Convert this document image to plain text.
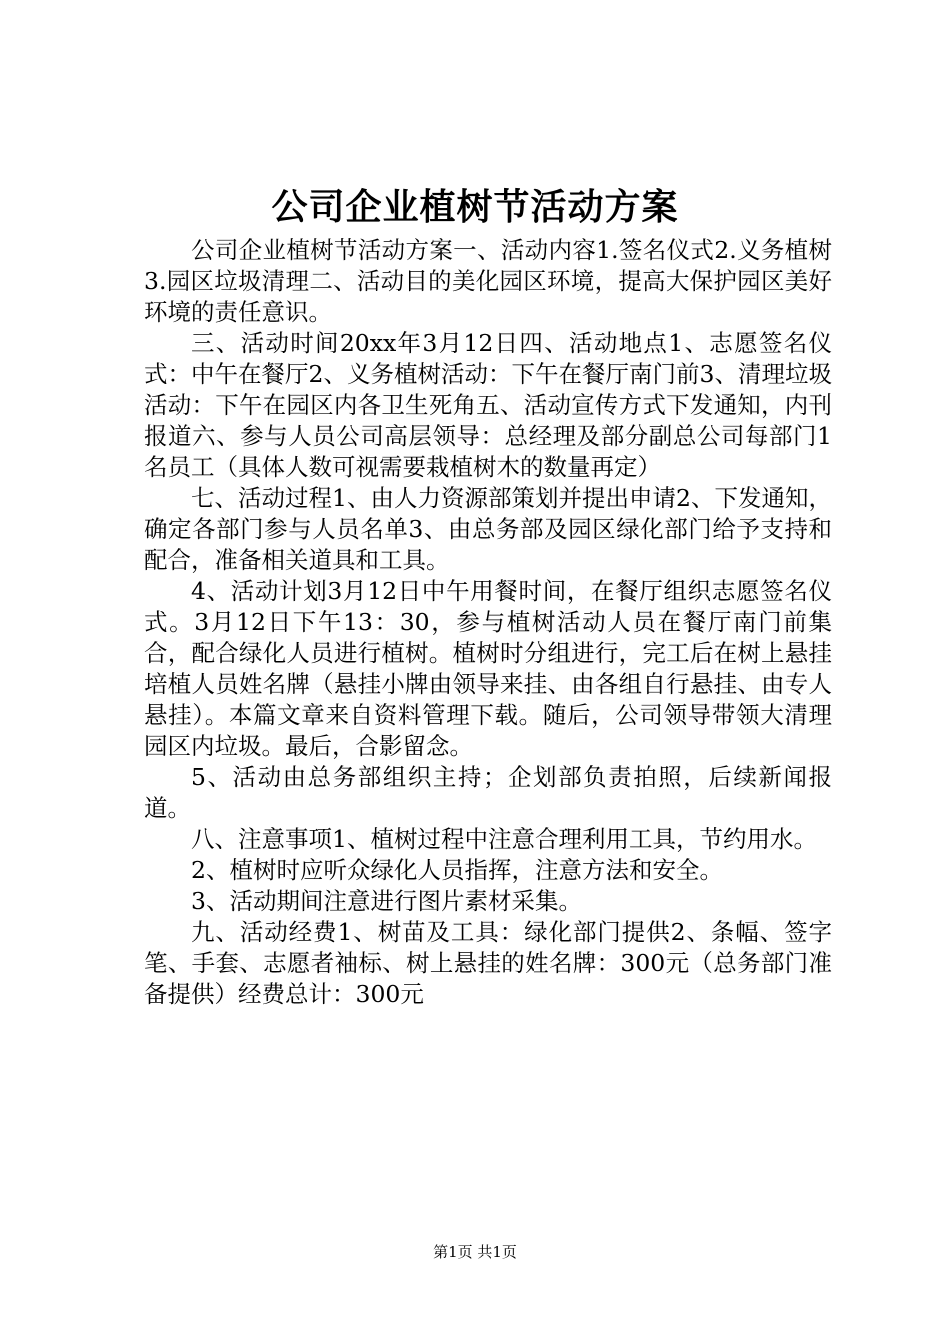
公司企业植树节活动方案

公司企业植树节活动方案一、活动内容1.签名仪式2.义务植树3.园区垃圾清理二、活动目的美化园区环境，提高大保护园区美好环境的责任意识。

三、活动时间20xx年3月12日四、活动地点1、志愿签名仪式：中午在餐厅2、义务植树活动：下午在餐厅南门前3、清理垃圾活动：下午在园区内各卫生死角五、活动宣传方式下发通知，内刊报道六、参与人员公司高层领导：总经理及部分副总公司每部门1名员工（具体人数可视需要栽植树木的数量再定）

七、活动过程1、由人力资源部策划并提出申请2、下发通知，确定各部门参与人员名单3、由总务部及园区绿化部门给予支持和配合，准备相关道具和工具。

4、活动计划3月12日中午用餐时间，在餐厅组织志愿签名仪式。3月12日下午13：30，参与植树活动人员在餐厅南门前集合，配合绿化人员进行植树。植树时分组进行，完工后在树上悬挂培植人员姓名牌（悬挂小牌由领导来挂、由各组自行悬挂、由专人悬挂）。本篇文章来自资料管理下载。随后，公司领导带领大清理园区内垃圾。最后，合影留念。

5、活动由总务部组织主持；企划部负责拍照，后续新闻报道。

八、注意事项1、植树过程中注意合理利用工具，节约用水。

2、植树时应听众绿化人员指挥，注意方法和安全。

3、活动期间注意进行图片素材采集。

九、活动经费1、树苗及工具：绿化部门提供2、条幅、签字笔、手套、志愿者袖标、树上悬挂的姓名牌：300元（总务部门准备提供）经费总计：300元

第1页 共1页
